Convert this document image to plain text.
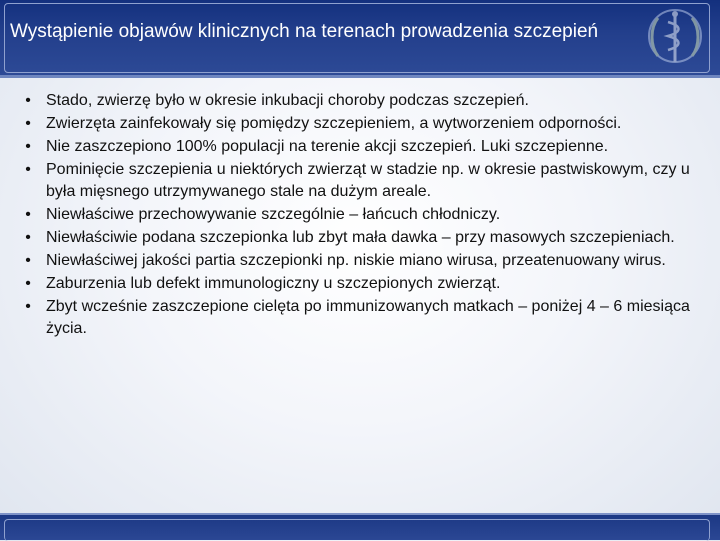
Wystąpienie objawów klinicznych na terenach prowadzenia szczepień
• Stado, zwierzę było w okresie inkubacji choroby podczas szczepień.
• Zwierzęta zainfekowały się pomiędzy szczepieniem, a wytworzeniem odporności.
• Nie zaszczepiono 100% populacji na terenie akcji szczepień. Luki szczepienne.
• Pominięcie szczepienia u niektórych zwierząt w stadzie np. w okresie pastwiskowym, czy u była mięsnego utrzymywanego stale na dużym areale.
• Niewłaściwe przechowywanie szczególnie – łańcuch chłodniczy.
• Niewłaściwie podana szczepionka lub zbyt mała dawka – przy masowych szczepieniach.
• Niewłaściwej jakości partia szczepionki np. niskie miano wirusa, przeatenuowany wirus.
• Zaburzenia lub defekt immunologiczny u szczepionych zwierząt.
• Zbyt wcześnie zaszczepione cielęta po immunizowanych matkach – poniżej 4 – 6 miesiąca życia.
